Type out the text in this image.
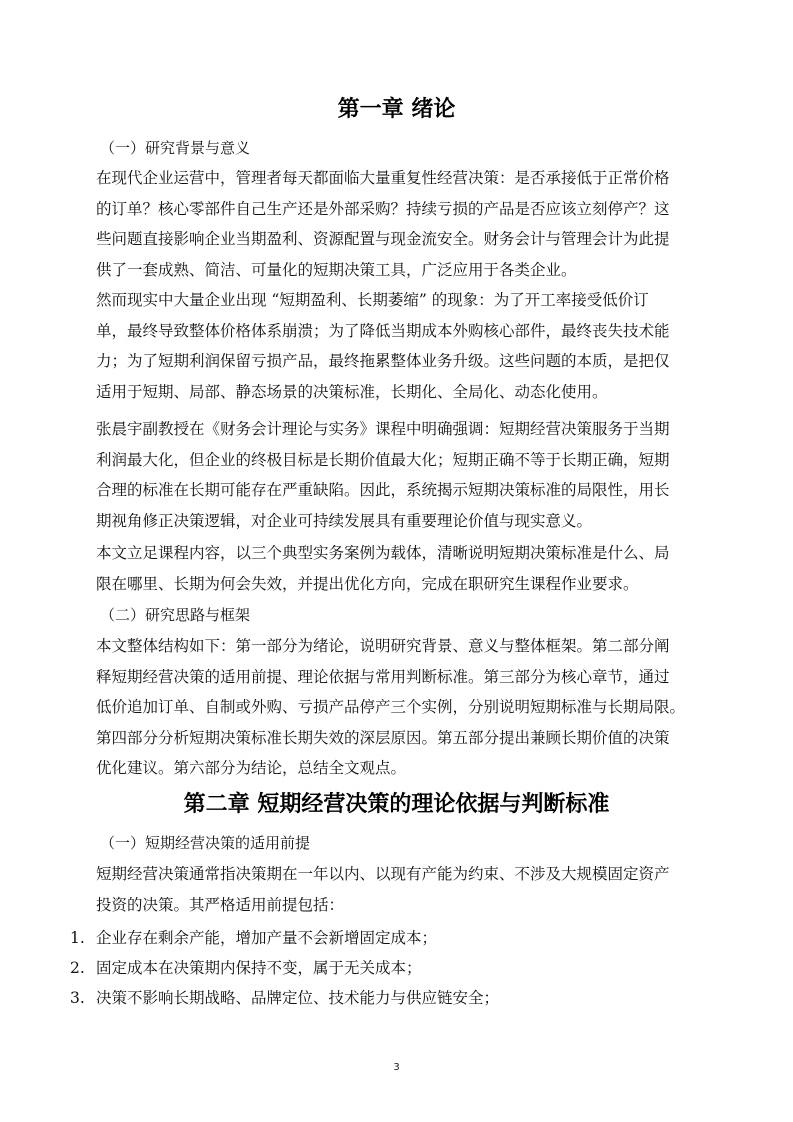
第一章 绪论
（一）研究背景与意义
在现代企业运营中，管理者每天都面临大量重复性经营决策：是否承接低于正常价格
的订单？核心零部件自己生产还是外部采购？持续亏损的产品是否应该立刻停产？这
些问题直接影响企业当期盈利、资源配置与现金流安全。财务会计与管理会计为此提
供了一套成熟、简洁、可量化的短期决策工具，广泛应用于各类企业。
然而现实中大量企业出现 “短期盈利、长期萎缩” 的现象：为了开工率接受低价订
单，最终导致整体价格体系崩溃；为了降低当期成本外购核心部件，最终丧失技术能
力；为了短期利润保留亏损产品，最终拖累整体业务升级。这些问题的本质，是把仅
适用于短期、局部、静态场景的决策标准，长期化、全局化、动态化使用。
张晨宇副教授在《财务会计理论与实务》课程中明确强调：短期经营决策服务于当期
利润最大化，但企业的终极目标是长期价值最大化；短期正确不等于长期正确，短期
合理的标准在长期可能存在严重缺陷。因此，系统揭示短期决策标准的局限性，用长
期视角修正决策逻辑，对企业可持续发展具有重要理论价值与现实意义。
本文立足课程内容，以三个典型实务案例为载体，清晰说明短期决策标准是什么、局
限在哪里、长期为何会失效，并提出优化方向，完成在职研究生课程作业要求。
（二）研究思路与框架
本文整体结构如下：第一部分为绪论，说明研究背景、意义与整体框架。第二部分阐
释短期经营决策的适用前提、理论依据与常用判断标准。第三部分为核心章节，通过
低价追加订单、自制或外购、亏损产品停产三个实例，分别说明短期标准与长期局限。
第四部分分析短期决策标准长期失效的深层原因。第五部分提出兼顾长期价值的决策
优化建议。第六部分为结论，总结全文观点。
第二章 短期经营决策的理论依据与判断标准
（一）短期经营决策的适用前提
短期经营决策通常指决策期在一年以内、以现有产能为约束、不涉及大规模固定资产
投资的决策。其严格适用前提包括：
1. 企业存在剩余产能，增加产量不会新增固定成本；
2. 固定成本在决策期内保持不变，属于无关成本；
3. 决策不影响长期战略、品牌定位、技术能力与供应链安全；
3
